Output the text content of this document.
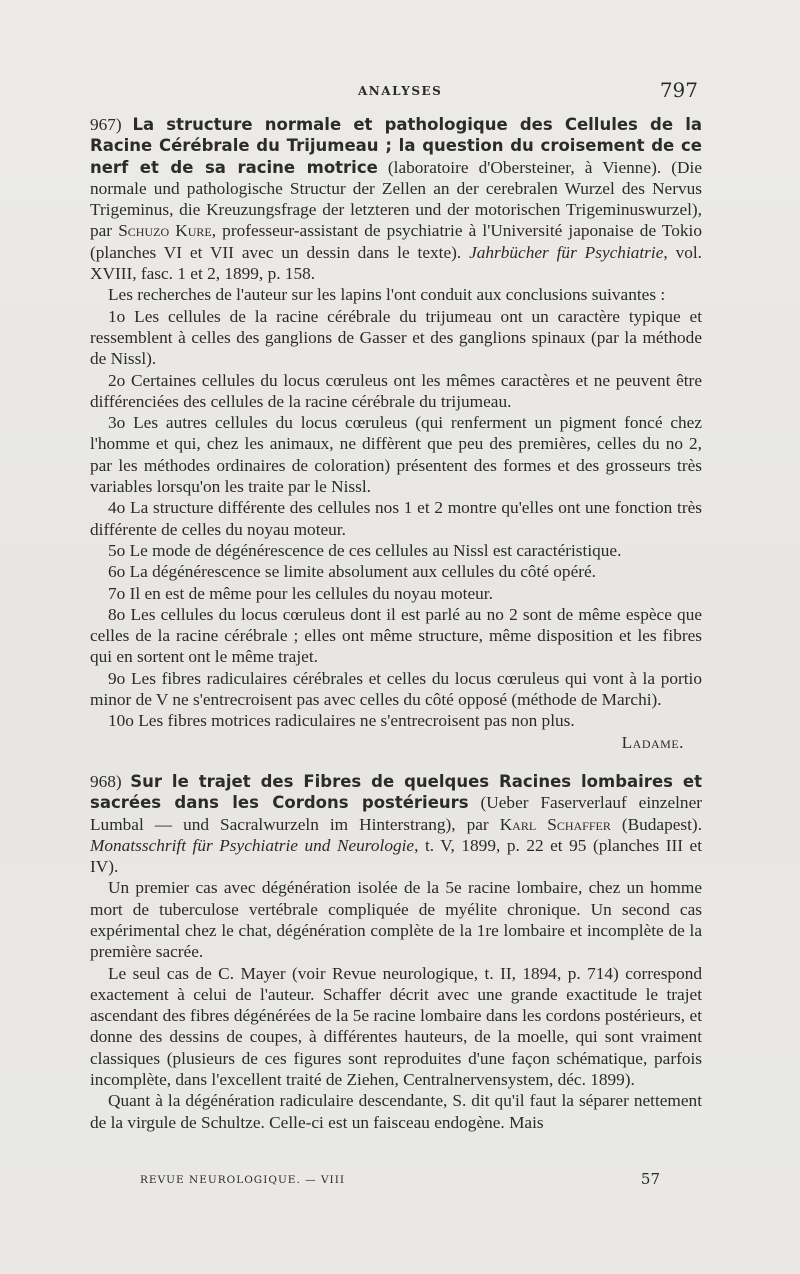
ANALYSES	797

967) La structure normale et pathologique des Cellules de la Racine Cérébrale du Trijumeau ; la question du croisement de ce nerf et de sa racine motrice (laboratoire d'Obersteiner, à Vienne). (Die normale und pathologische Structur der Zellen an der cerebralen Wurzel des Nervus Trigeminus, die Kreuzungsfrage der letzteren und der motorischen Trigeminuswurzel), par Schuzo Kure, professeur-assistant de psychiatrie à l'Université japonaise de Tokio (planches VI et VII avec un dessin dans le texte). Jahrbücher für Psychiatrie, vol. XVIII, fasc. 1 et 2, 1899, p. 158.

Les recherches de l'auteur sur les lapins l'ont conduit aux conclusions suivantes :

1o Les cellules de la racine cérébrale du trijumeau ont un caractère typique et ressemblent à celles des ganglions de Gasser et des ganglions spinaux (par la méthode de Nissl).

2o Certaines cellules du locus cœruleus ont les mêmes caractères et ne peuvent être différenciées des cellules de la racine cérébrale du trijumeau.

3o Les autres cellules du locus cœruleus (qui renferment un pigment foncé chez l'homme et qui, chez les animaux, ne diffèrent que peu des premières, celles du no 2, par les méthodes ordinaires de coloration) présentent des formes et des grosseurs très variables lorsqu'on les traite par le Nissl.

4o La structure différente des cellules nos 1 et 2 montre qu'elles ont une fonction très différente de celles du noyau moteur.

5o Le mode de dégénérescence de ces cellules au Nissl est caractéristique.

6o La dégénérescence se limite absolument aux cellules du côté opéré.

7o Il en est de même pour les cellules du noyau moteur.

8o Les cellules du locus cœruleus dont il est parlé au no 2 sont de même espèce que celles de la racine cérébrale ; elles ont même structure, même disposition et les fibres qui en sortent ont le même trajet.

9o Les fibres radiculaires cérébrales et celles du locus cœruleus qui vont à la portio minor de V ne s'entrecroisent pas avec celles du côté opposé (méthode de Marchi).

10o Les fibres motrices radiculaires ne s'entrecroisent pas non plus.

Ladame.

968) Sur le trajet des Fibres de quelques Racines lombaires et sacrées dans les Cordons postérieurs (Ueber Faserverlauf einzelner Lumbal — und Sacralwurzeln im Hinterstrang), par Karl Schaffer (Budapest). Monatsschrift für Psychiatrie und Neurologie, t. V, 1899, p. 22 et 95 (planches III et IV).

Un premier cas avec dégénération isolée de la 5e racine lombaire, chez un homme mort de tuberculose vertébrale compliquée de myélite chronique. Un second cas expérimental chez le chat, dégénération complète de la 1re lombaire et incomplète de la première sacrée.

Le seul cas de C. Mayer (voir Revue neurologique, t. II, 1894, p. 714) correspond exactement à celui de l'auteur. Schaffer décrit avec une grande exactitude le trajet ascendant des fibres dégénérées de la 5e racine lombaire dans les cordons postérieurs, et donne des dessins de coupes, à différentes hauteurs, de la moelle, qui sont vraiment classiques (plusieurs de ces figures sont reproduites d'une façon schématique, parfois incomplète, dans l'excellent traité de Ziehen, Centralnervensystem, déc. 1899).

Quant à la dégénération radiculaire descendante, S. dit qu'il faut la séparer nettement de la virgule de Schultze. Celle-ci est un faisceau endogène. Mais

REVUE NEUROLOGIQUE. — VIII	57
